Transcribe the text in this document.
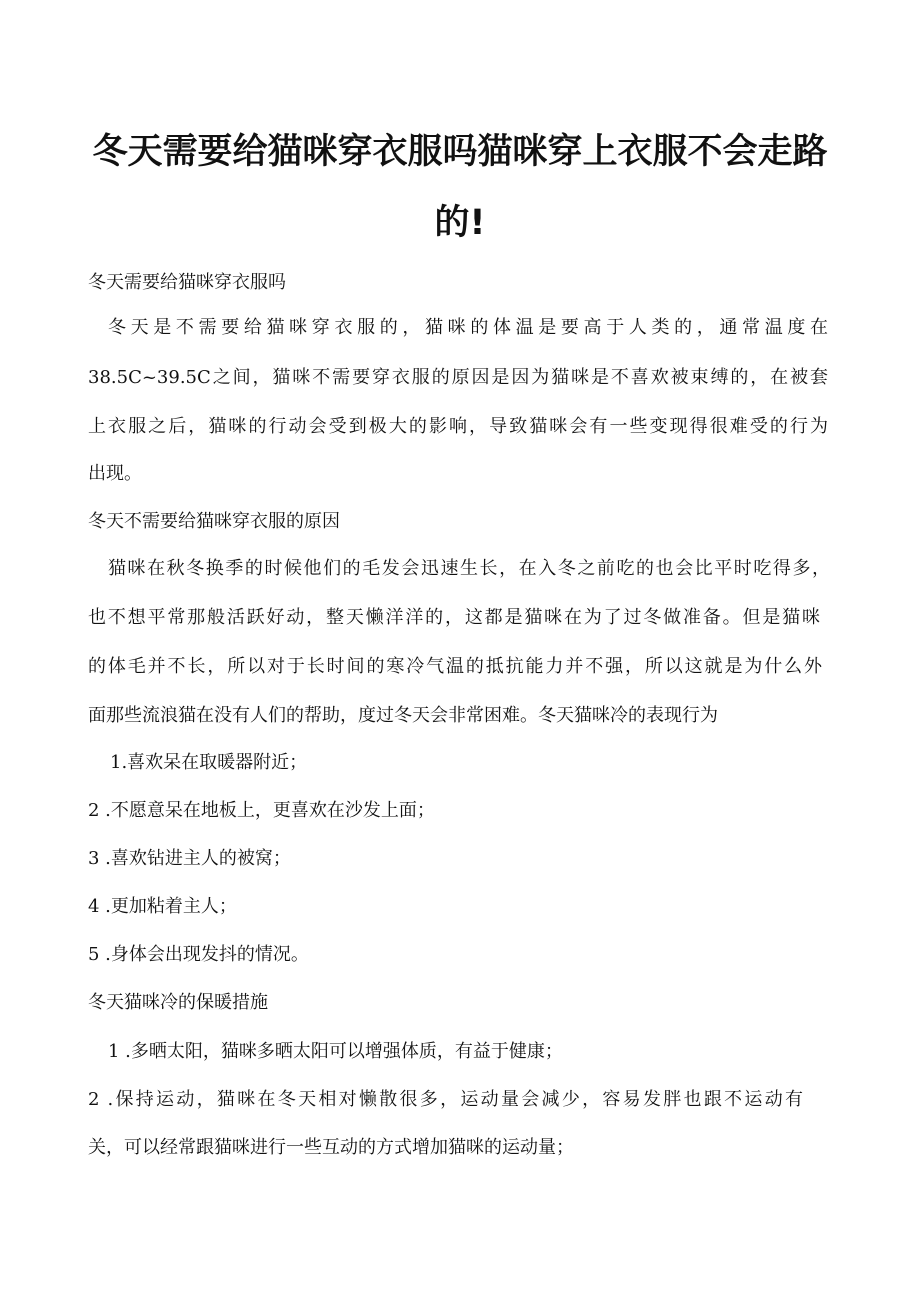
冬天需要给猫咪穿衣服吗猫咪穿上衣服不会走路
的!
冬天需要给猫咪穿衣服吗
冬天是不需要给猫咪穿衣服的，猫咪的体温是要高于人类的，通常温度在
38.5C~39.5C之间，猫咪不需要穿衣服的原因是因为猫咪是不喜欢被束缚的，在被套
上衣服之后，猫咪的行动会受到极大的影响，导致猫咪会有一些变现得很难受的行为
出现。
冬天不需要给猫咪穿衣服的原因
猫咪在秋冬换季的时候他们的毛发会迅速生长，在入冬之前吃的也会比平时吃得多，
也不想平常那般活跃好动，整天懒洋洋的，这都是猫咪在为了过冬做准备。但是猫咪
的体毛并不长，所以对于长时间的寒冷气温的抵抗能力并不强，所以这就是为什么外
面那些流浪猫在没有人们的帮助，度过冬天会非常困难。冬天猫咪冷的表现行为
1.喜欢呆在取暖器附近；
2 .不愿意呆在地板上，更喜欢在沙发上面；
3 .喜欢钻进主人的被窝；
4 .更加粘着主人；
5 .身体会出现发抖的情况。
冬天猫咪冷的保暖措施
1 .多晒太阳，猫咪多晒太阳可以增强体质，有益于健康；
2 .保持运动，猫咪在冬天相对懒散很多，运动量会减少，容易发胖也跟不运动有
关，可以经常跟猫咪进行一些互动的方式增加猫咪的运动量；
